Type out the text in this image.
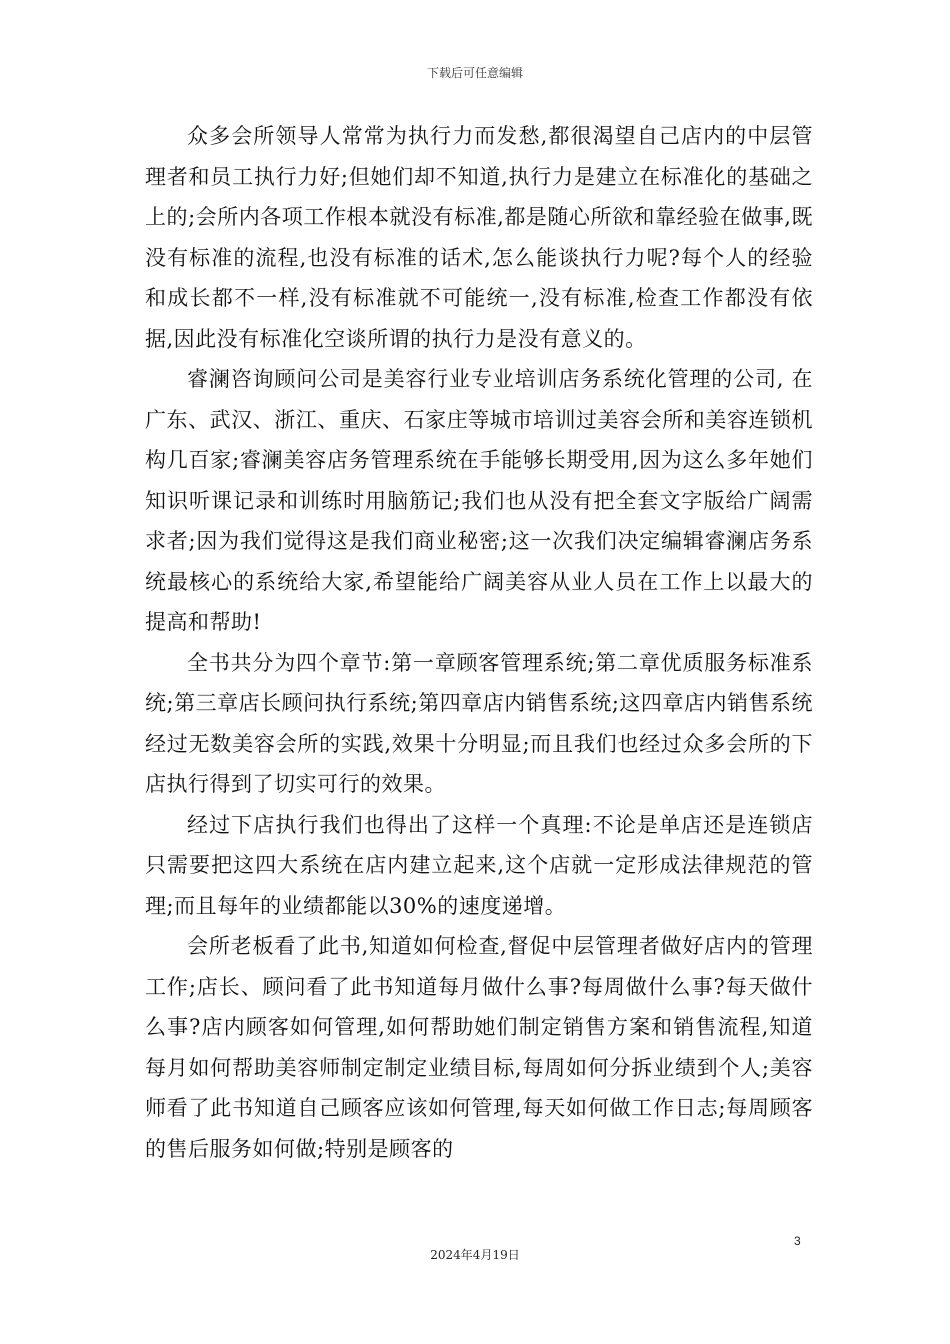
下载后可任意编辑

众多会所领导人常常为执行力而发愁,都很渴望自己店内的中层管理者和员工执行力好;但她们却不知道,执行力是建立在标准化的基础之上的;会所内各项工作根本就没有标准,都是随心所欲和靠经验在做事,既没有标准的流程,也没有标准的话术,怎么能谈执行力呢?每个人的经验和成长都不一样,没有标准就不可能统一,没有标准,检查工作都没有依据,因此没有标准化空谈所谓的执行力是没有意义的。

睿澜咨询顾问公司是美容行业专业培训店务系统化管理的公司, 在广东、武汉、浙江、重庆、石家庄等城市培训过美容会所和美容连锁机构几百家;睿澜美容店务管理系统在手能够长期受用,因为这么多年她们知识听课记录和训练时用脑筋记;我们也从没有把全套文字版给广阔需求者;因为我们觉得这是我们商业秘密;这一次我们决定编辑睿澜店务系统最核心的系统给大家,希望能给广阔美容从业人员在工作上以最大的提高和帮助!

全书共分为四个章节:第一章顾客管理系统;第二章优质服务标准系统;第三章店长顾问执行系统;第四章店内销售系统;这四章店内销售系统经过无数美容会所的实践,效果十分明显;而且我们也经过众多会所的下店执行得到了切实可行的效果。

经过下店执行我们也得出了这样一个真理:不论是单店还是连锁店只需要把这四大系统在店内建立起来,这个店就一定形成法律规范的管理;而且每年的业绩都能以30%的速度递增。

会所老板看了此书,知道如何检查,督促中层管理者做好店内的管理工作;店长、顾问看了此书知道每月做什么事?每周做什么事?每天做什么事?店内顾客如何管理,如何帮助她们制定销售方案和销售流程,知道每月如何帮助美容师制定制定业绩目标,每周如何分拆业绩到个人;美容师看了此书知道自己顾客应该如何管理,每天如何做工作日志;每周顾客的售后服务如何做;特别是顾客的

3
2024年4月19日
